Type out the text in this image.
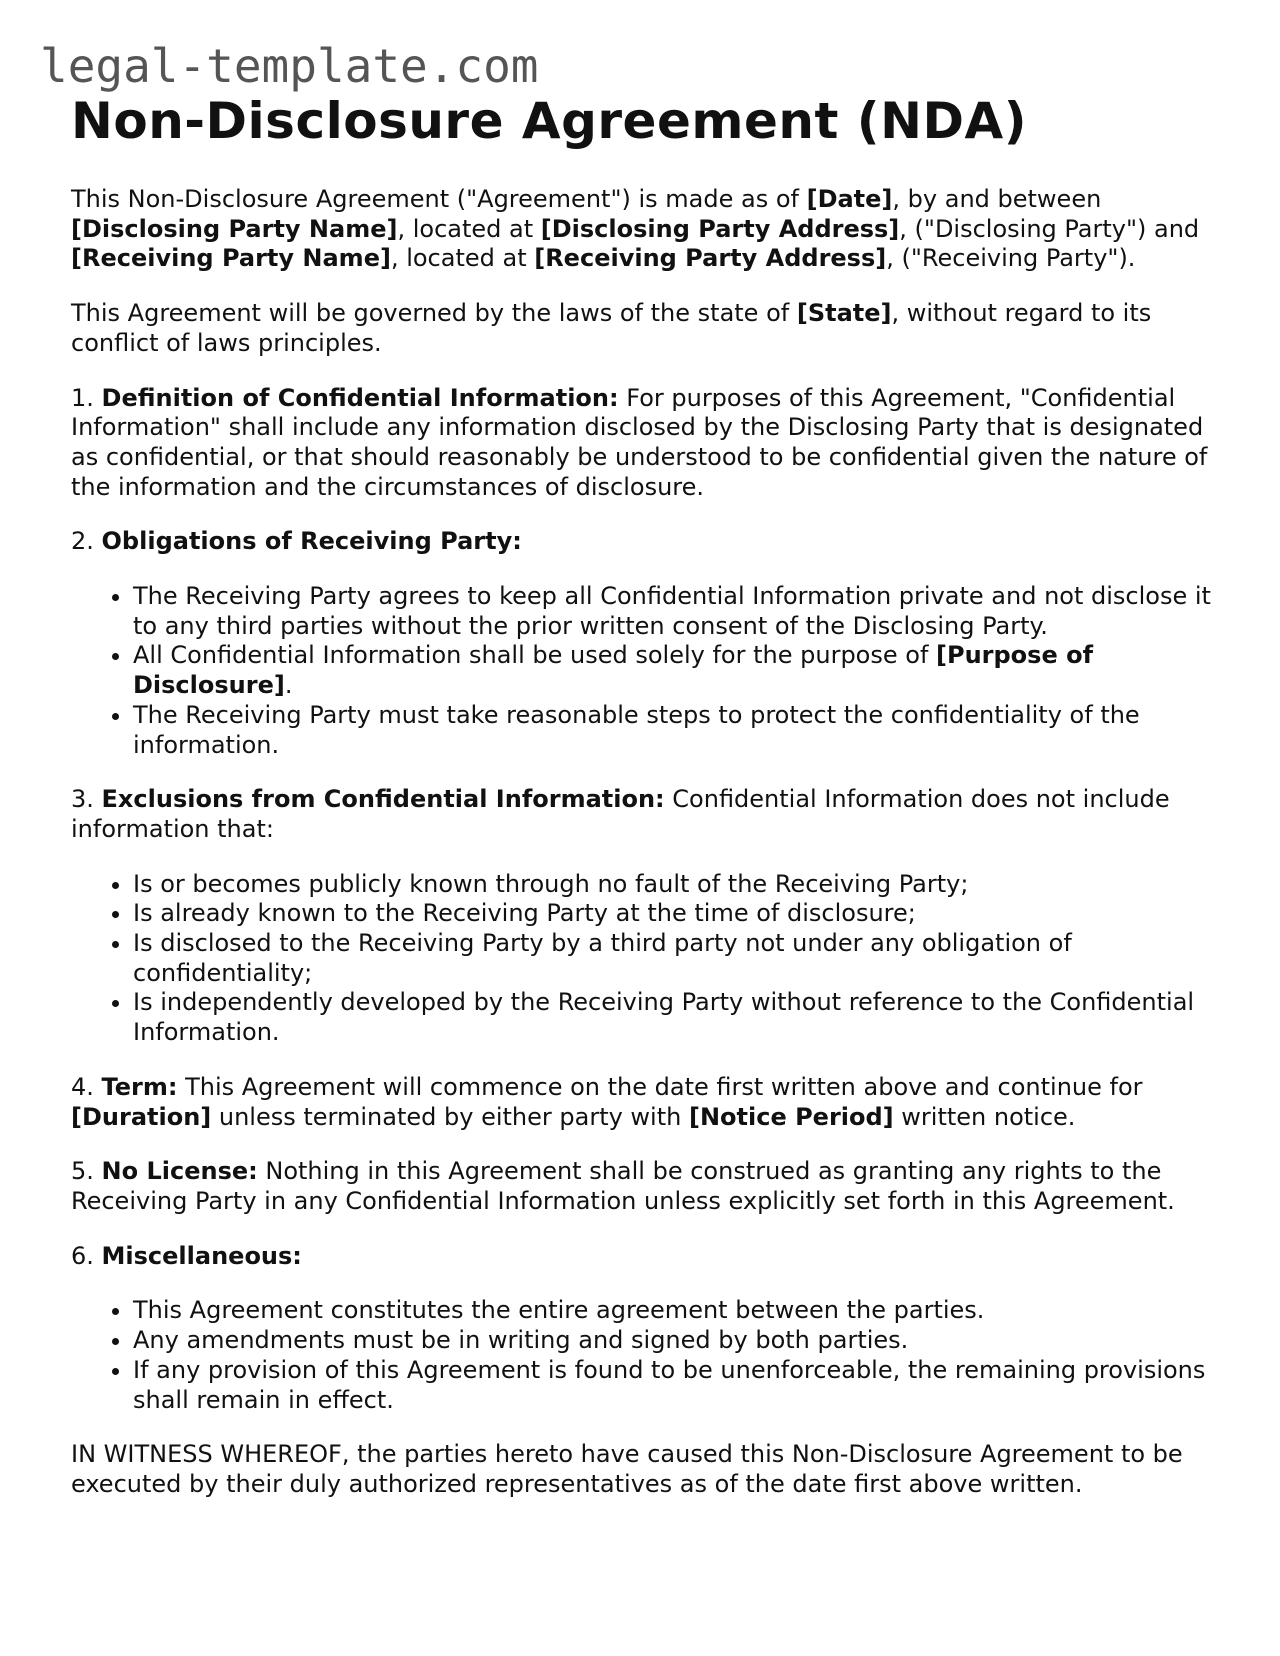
legal-template.com
Non-Disclosure Agreement (NDA)

This Non-Disclosure Agreement ("Agreement") is made as of [Date], by and between [Disclosing Party Name], located at [Disclosing Party Address], ("Disclosing Party") and [Receiving Party Name], located at [Receiving Party Address], ("Receiving Party").

This Agreement will be governed by the laws of the state of [State], without regard to its conflict of laws principles.

1. Definition of Confidential Information: For purposes of this Agreement, "Confidential Information" shall include any information disclosed by the Disclosing Party that is designated as confidential, or that should reasonably be understood to be confidential given the nature of the information and the circumstances of disclosure.

2. Obligations of Receiving Party:

• The Receiving Party agrees to keep all Confidential Information private and not disclose it to any third parties without the prior written consent of the Disclosing Party.
• All Confidential Information shall be used solely for the purpose of [Purpose of Disclosure].
• The Receiving Party must take reasonable steps to protect the confidentiality of the information.

3. Exclusions from Confidential Information: Confidential Information does not include information that:

• Is or becomes publicly known through no fault of the Receiving Party;
• Is already known to the Receiving Party at the time of disclosure;
• Is disclosed to the Receiving Party by a third party not under any obligation of confidentiality;
• Is independently developed by the Receiving Party without reference to the Confidential Information.

4. Term: This Agreement will commence on the date first written above and continue for [Duration] unless terminated by either party with [Notice Period] written notice.

5. No License: Nothing in this Agreement shall be construed as granting any rights to the Receiving Party in any Confidential Information unless explicitly set forth in this Agreement.

6. Miscellaneous:

• This Agreement constitutes the entire agreement between the parties.
• Any amendments must be in writing and signed by both parties.
• If any provision of this Agreement is found to be unenforceable, the remaining provisions shall remain in effect.

IN WITNESS WHEREOF, the parties hereto have caused this Non-Disclosure Agreement to be executed by their duly authorized representatives as of the date first above written.
